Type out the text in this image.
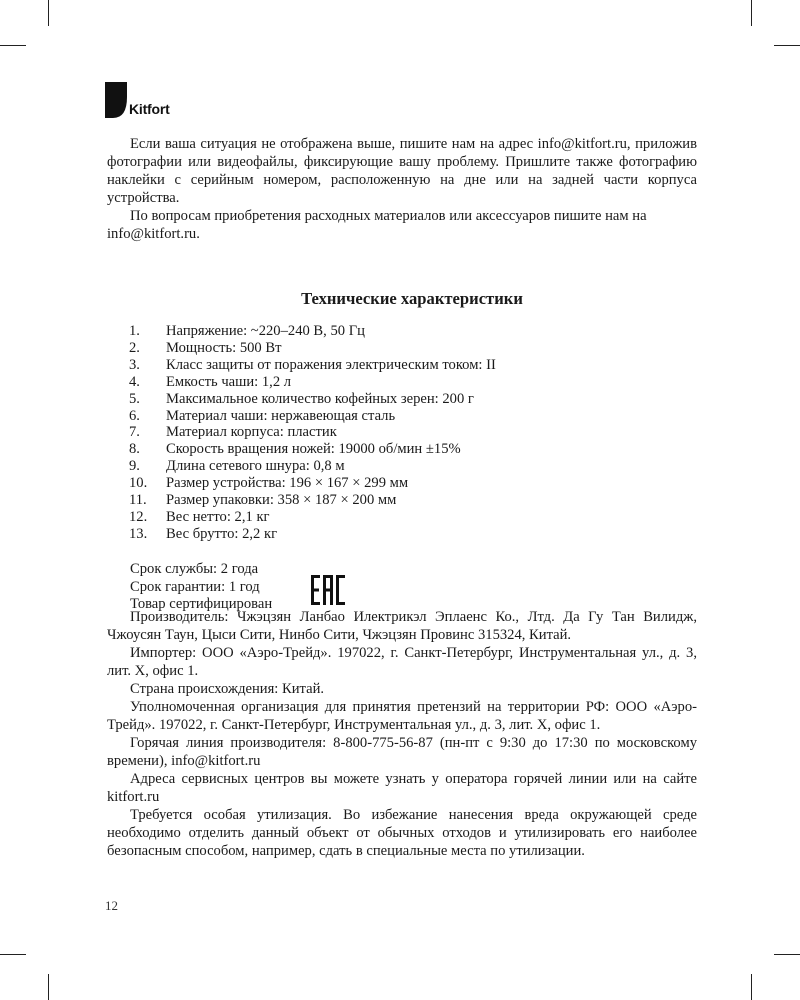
Kitfort

Если ваша ситуация не отображена выше, пишите нам на адрес info@kitfort.ru, приложив фотографии или видеофайлы, фиксирующие вашу проблему. Пришлите также фотографию наклейки с серийным номером, расположенную на дне или на задней части корпуса устройства.

По вопросам приобретения расходных материалов или аксессуаров пишите нам на info@kitfort.ru.

Технические характеристики
1.	Напряжение: ~220–240 В, 50 Гц
2.	Мощность: 500 Вт
3.	Класс защиты от поражения электрическим током: II
4.	Емкость чаши: 1,2 л
5.	Максимальное количество кофейных зерен: 200 г
6.	Материал чаши: нержавеющая сталь
7.	Материал корпуса: пластик
8.	Скорость вращения ножей: 19000 об/мин ±15%
9.	Длина сетевого шнура: 0,8 м
10.	Размер устройства: 196 × 167 × 299 мм
11.	Размер упаковки: 358 × 187 × 200 мм
12.	Вес нетто: 2,1 кг
13.	Вес брутто: 2,2 кг
Срок службы: 2 года
Срок гарантии: 1 год
Товар сертифицирован

Производитель: Чжэцзян Ланбао Илектрикэл Эплаенс Ко., Лтд. Да Гу Тан Вилидж, Чжоусян Таун, Цыси Сити, Нинбо Сити, Чжэцзян Провинс 315324, Китай.

Импортер: ООО «Аэро-Трейд». 197022, г. Санкт-Петербург, Инструментальная ул., д. 3, лит. Х, офис 1.

Страна происхождения: Китай.

Уполномоченная организация для принятия претензий на территории РФ: ООО «Аэро-Трейд». 197022, г. Санкт-Петербург, Инструментальная ул., д. 3, лит. Х, офис 1.

Горячая линия производителя: 8-800-775-56-87 (пн-пт с 9:30 до 17:30 по московскому времени), info@kitfort.ru

Адреса сервисных центров вы можете узнать у оператора горячей линии или на сайте kitfort.ru

Требуется особая утилизация. Во избежание нанесения вреда окружающей среде необходимо отделить данный объект от обычных отходов и утилизировать его наиболее безопасным способом, например, сдать в специальные места по утилизации.

12
